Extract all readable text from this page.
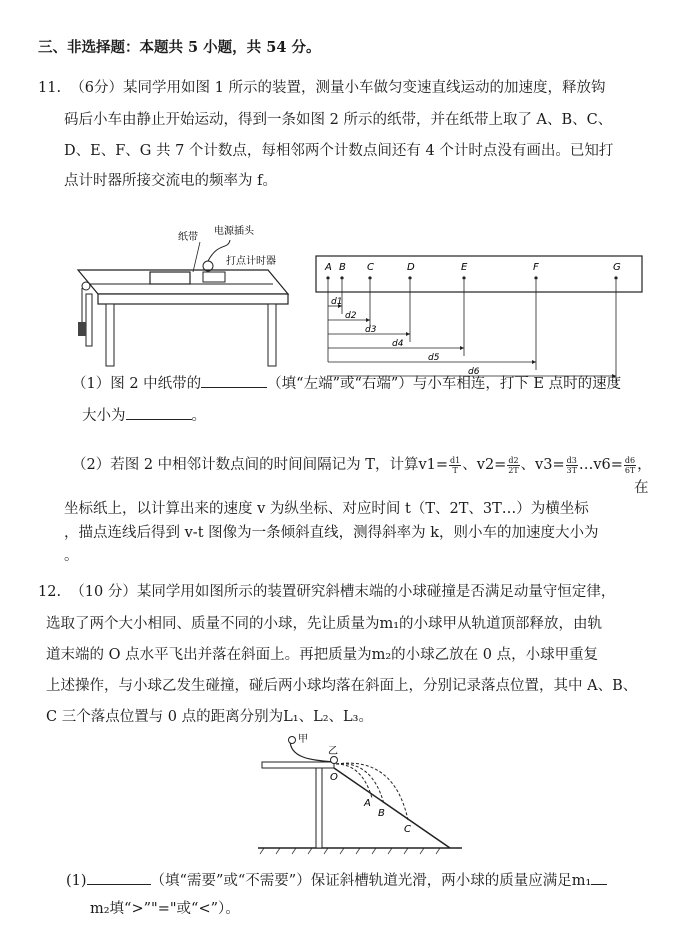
三、非选择题：本题共 5 小题，共 54 分。
11. （6分）某同学用如图 1 所示的装置，测量小车做匀变速直线运动的加速度，释放钩
码后小车由静止开始运动，得到一条如图 2 所示的纸带，并在纸带上取了 A、B、C、
D、E、F、G 共 7 个计数点，每相邻两个计数点间还有 4 个计时点没有画出。已知打
点计时器所接交流电的频率为 f。
纸带
电源插头
打点计时器
A B C	D	E	F	G
d1
d2
d3
d4
d5
d6
（1）图 2 中纸带的	（填“左端”或“右端”）与小车相连，打下 E 点时的速度
大小为	。
（2）若图 2 中相邻计数点间的时间间隔记为 T，计算$v1= \frac{d1}{T}$ 、$v2= \frac{d2}{2T}$ 、$v3= \frac{d3}{3T}$ …v6= $\frac{d6}{6T}$ ，
在
坐标纸上，以计算出来的速度 v 为纵坐标、对应时间 t（T、2T、3T…）为横坐标
，描点连线后得到 v-t 图像为一条倾斜直线，测得斜率为 k，则小车的加速度大小为
。
12. （10 分）某同学用如图所示的装置研究斜槽末端的小球碰撞是否满足动量守恒定律，
选取了两个大小相同、质量不同的小球，先让质量为m₁的小球甲从轨道顶部释放，由轨
道末端的 O 点水平飞出并落在斜面上。再把质量为m₂的小球乙放在 0 点，小球甲重复
上述操作，与小球乙发生碰撞，碰后两小球均落在斜面上，分别记录落点位置，其中 A、B、
C 三个落点位置与 0 点的距离分别为L₁、L₂、L₃。
甲
乙
O
A
B
C
(1)	（填“需要”或“不需要”）保证斜槽轨道光滑，两小球的质量应满足m₁
m₂填“>”"="或“<”）。
